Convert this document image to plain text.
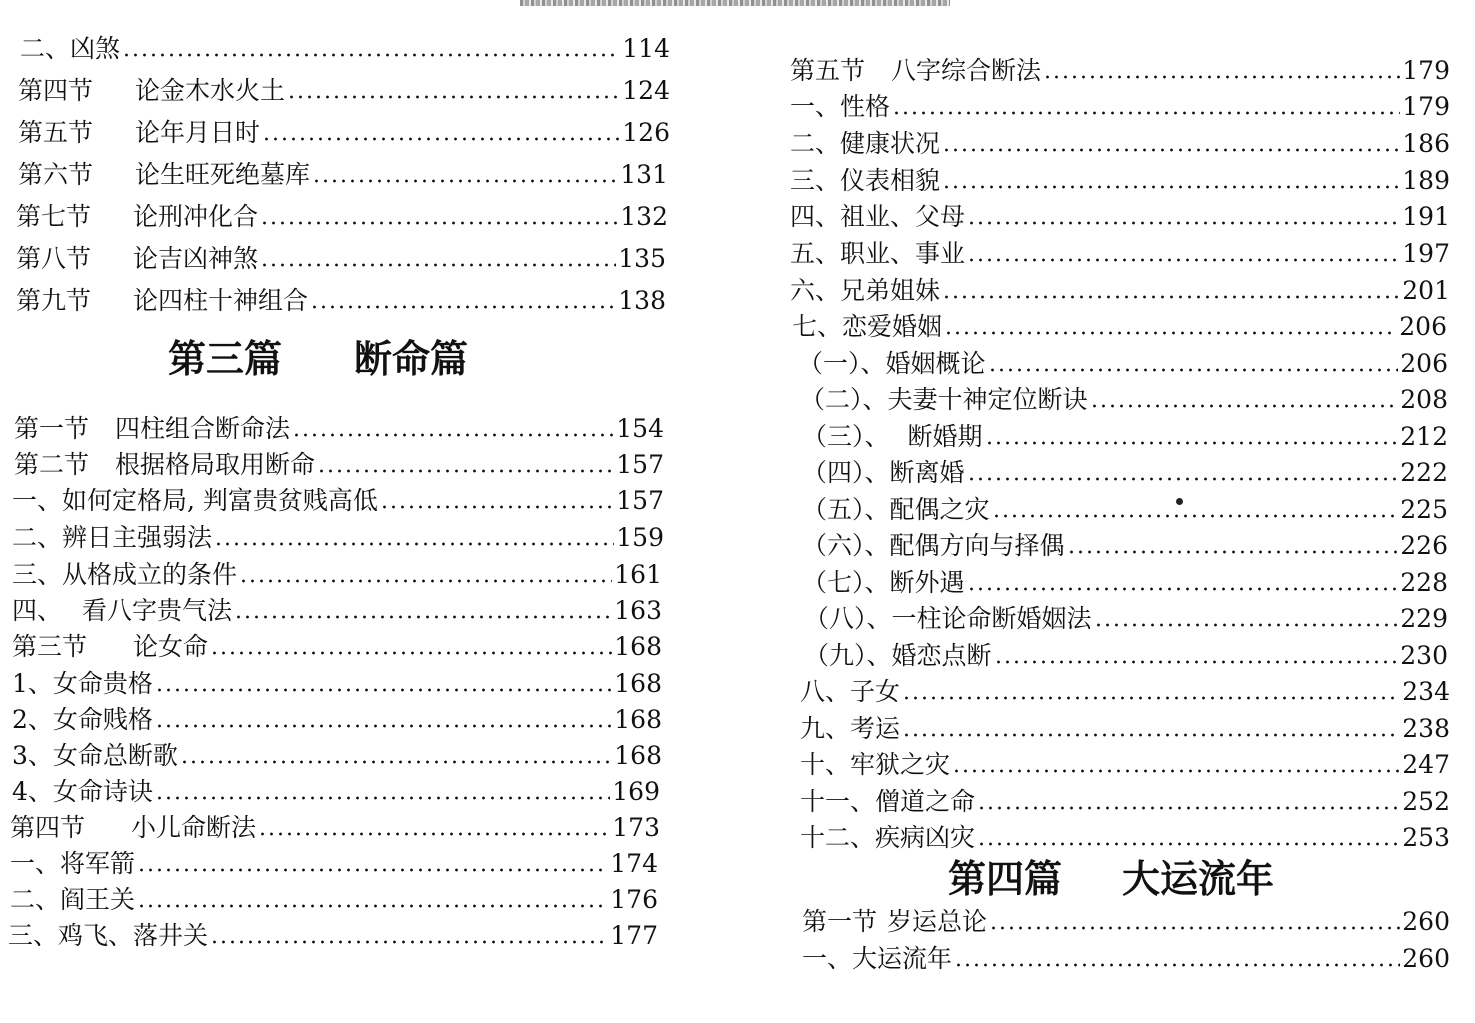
二、凶煞	114
第四节 论金木水火土	124
第五节 论年月日时	126
第六节 论生旺死绝墓库	131
第七节 论刑冲化合	132
第八节 论吉凶神煞	135
第九节 论四柱十神组合	138
第三篇 断命篇
第一节 四柱组合断命法	154
第二节 根据格局取用断命	157
一、如何定格局, 判富贵贫贱高低	157
二、辨日主强弱法	159
三、从格成立的条件	161
四、 看八字贵气法	163
第三节 论女命	168
1、女命贵格	168
2、女命贱格	168
3、女命总断歌	168
4、女命诗诀	169
第四节 小儿命断法	173
一、将军箭	174
二、阎王关	176
三、鸡飞、落井关	177
第五节 八字综合断法	179
一、性格	179
二、健康状况	186
三、仪表相貌	189
四、祖业、父母	191
五、职业、事业	197
六、兄弟姐妹	201
七、恋爱婚姻	206
（一）、婚姻概论	206
（二）、夫妻十神定位断诀	208
（三）、 断婚期	212
（四）、断离婚	222
（五）、配偶之灾	225
（六）、配偶方向与择偶	226
（七）、断外遇	228
（八）、一柱论命断婚姻法	229
（九）、婚恋点断	230
八、子女	234
九、考运	238
十、牢狱之灾	247
十一、僧道之命	252
十二、疾病凶灾	253
第四篇 大运流年
第一节 岁运总论	260
一、大运流年	260
